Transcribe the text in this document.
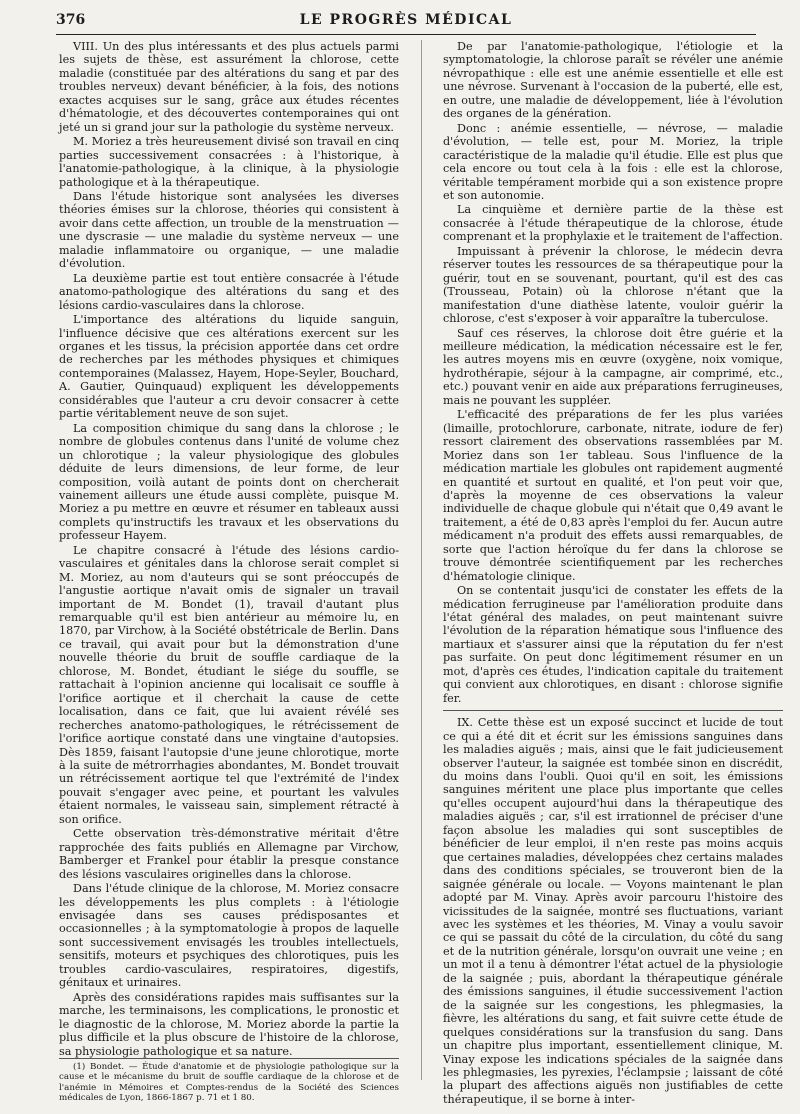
376	LE PROGRÈS MÉDICAL

VIII. Un des plus intéressants et des plus actuels parmi les sujets de thèse, est assurément la chlorose, cette maladie (constituée par des altérations du sang et par des troubles nerveux) devant bénéficier, à la fois, des notions exactes acquises sur le sang, grâce aux études récentes d'hématologie, et des découvertes contemporaines qui ont jeté un si grand jour sur la pathologie du système nerveux.

M. Moriez a très heureusement divisé son travail en cinq parties successivement consacrées : à l'historique, à l'anatomie-pathologique, à la clinique, à la physiologie pathologique et à la thérapeutique.

Dans l'étude historique sont analysées les diverses théories émises sur la chlorose, théories qui consistent à avoir dans cette affection, un trouble de la menstruation — une dyscrasie — une maladie du système nerveux — une maladie inflammatoire ou organique, — une maladie d'évolution.

La deuxième partie est tout entière consacrée à l'étude anatomo-pathologique des altérations du sang et des lésions cardio-vasculaires dans la chlorose.

L'importance des altérations du liquide sanguin, l'influence décisive que ces altérations exercent sur les organes et les tissus, la précision apportée dans cet ordre de recherches par les méthodes physiques et chimiques contemporaines (Malassez, Hayem, Hope-Seyler, Bouchard, A. Gautier, Quinquaud) expliquent les développements considérables que l'auteur a cru devoir consacrer à cette partie véritablement neuve de son sujet.

La composition chimique du sang dans la chlorose ; le nombre de globules contenus dans l'unité de volume chez un chlorotique ; la valeur physiologique des globules déduite de leurs dimensions, de leur forme, de leur composition, voilà autant de points dont on chercherait vainement ailleurs une étude aussi complète, puisque M. Moriez a pu mettre en œuvre et résumer en tableaux aussi complets qu'instructifs les travaux et les observations du professeur Hayem.

Le chapitre consacré à l'étude des lésions cardio-vasculaires et génitales dans la chlorose serait complet si M. Moriez, au nom d'auteurs qui se sont préoccupés de l'angustie aortique n'avait omis de signaler un travail important de M. Bondet (1), travail d'autant plus remarquable qu'il est bien antérieur au mémoire lu, en 1870, par Virchow, à la Société obstétricale de Berlin. Dans ce travail, qui avait pour but la démonstration d'une nouvelle théorie du bruit de souffle cardiaque de la chlorose, M. Bondet, étudiant le siége du souffle, se rattachait à l'opinion ancienne qui localisait ce souffle à l'orifice aortique et il cherchait la cause de cette localisation, dans ce fait, que lui avaient révélé ses recherches anatomo-pathologiques, le rétrécissement de l'orifice aortique constaté dans une vingtaine d'autopsies. Dès 1859, faisant l'autopsie d'une jeune chlorotique, morte à la suite de métrorrhagies abondantes, M. Bondet trouvait un rétrécissement aortique tel que l'extrémité de l'index pouvait s'engager avec peine, et pourtant les valvules étaient normales, le vaisseau sain, simplement rétracté à son orifice.

Cette observation très-démonstrative méritait d'être rapprochée des faits publiés en Allemagne par Virchow, Bamberger et Frankel pour établir la presque constance des lésions vasculaires originelles dans la chlorose.

Dans l'étude clinique de la chlorose, M. Moriez consacre les développements les plus complets : à l'étiologie envisagée dans ses causes prédisposantes et occasionnelles ; à la symptomatologie à propos de laquelle sont successivement envisagés les troubles intellectuels, sensitifs, moteurs et psychiques des chlorotiques, puis les troubles cardio-vasculaires, respiratoires, digestifs, génitaux et urinaires.

Après des considérations rapides mais suffisantes sur la marche, les terminaisons, les complications, le pronostic et le diagnostic de la chlorose, M. Moriez aborde la partie la plus difficile et la plus obscure de l'histoire de la chlorose, sa physiologie pathologique et sa nature.

(1) Bondet. — Étude d'anatomie et de physiologie pathologique sur la cause et le mécanisme du bruit de souffle cardiaque de la chlorose et de l'anémie in Mémoires et Comptes-rendus de la Société des Sciences médicales de Lyon, 1866-1867 p. 71 et 1 80.

De par l'anatomie-pathologique, l'étiologie et la symptomatologie, la chlorose paraît se révéler une anémie névropathique : elle est une anémie essentielle et elle est une névrose. Survenant à l'occasion de la puberté, elle est, en outre, une maladie de développement, liée à l'évolution des organes de la génération.

Donc : anémie essentielle, — névrose, — maladie d'évolution, — telle est, pour M. Moriez, la triple caractéristique de la maladie qu'il étudie. Elle est plus que cela encore ou tout cela à la fois : elle est la chlorose, véritable tempérament morbide qui a son existence propre et son autonomie.

La cinquième et dernière partie de la thèse est consacrée à l'étude thérapeutique de la chlorose, étude comprenant et la prophylaxie et le traitement de l'affection.

Impuissant à prévenir la chlorose, le médecin devra réserver toutes les ressources de sa thérapeutique pour la guérir, tout en se souvenant, pourtant, qu'il est des cas (Trousseau, Potain) où la chlorose n'étant que la manifestation d'une diathèse latente, vouloir guérir la chlorose, c'est s'exposer à voir apparaître la tuberculose.

Sauf ces réserves, la chlorose doit être guérie et la meilleure médication, la médication nécessaire est le fer, les autres moyens mis en œuvre (oxygène, noix vomique, hydrothérapie, séjour à la campagne, air comprimé, etc., etc.) pouvant venir en aide aux préparations ferrugineuses, mais ne pouvant les suppléer.

L'efficacité des préparations de fer les plus variées (limaille, protochlorure, carbonate, nitrate, iodure de fer) ressort clairement des observations rassemblées par M. Moriez dans son 1er tableau. Sous l'influence de la médication martiale les globules ont rapidement augmenté en quantité et surtout en qualité, et l'on peut voir que, d'après la moyenne de ces observations la valeur individuelle de chaque globule qui n'était que 0,49 avant le traitement, a été de 0,83 après l'emploi du fer. Aucun autre médicament n'a produit des effets aussi remarquables, de sorte que l'action héroïque du fer dans la chlorose se trouve démontrée scientifiquement par les recherches d'hématologie clinique.

On se contentait jusqu'ici de constater les effets de la médication ferrugineuse par l'amélioration produite dans l'état général des malades, on peut maintenant suivre l'évolution de la réparation hématique sous l'influence des martiaux et s'assurer ainsi que la réputation du fer n'est pas surfaite. On peut donc légitimement résumer en un mot, d'après ces études, l'indication capitale du traitement qui convient aux chlorotiques, en disant : chlorose signifie fer.

IX. Cette thèse est un exposé succinct et lucide de tout ce qui a été dit et écrit sur les émissions sanguines dans les maladies aiguës ; mais, ainsi que le fait judicieusement observer l'auteur, la saignée est tombée sinon en discrédit, du moins dans l'oubli. Quoi qu'il en soit, les émissions sanguines méritent une place plus importante que celles qu'elles occupent aujourd'hui dans la thérapeutique des maladies aiguës ; car, s'il est irrationnel de préciser d'une façon absolue les maladies qui sont susceptibles de bénéficier de leur emploi, il n'en reste pas moins acquis que certaines maladies, développées chez certains malades dans des conditions spéciales, se trouveront bien de la saignée générale ou locale. — Voyons maintenant le plan adopté par M. Vinay. Après avoir parcouru l'histoire des vicissitudes de la saignée, montré ses fluctuations, variant avec les systèmes et les théories, M. Vinay a voulu savoir ce qui se passait du côté de la circulation, du côté du sang et de la nutrition générale, lorsqu'on ouvrait une veine ; en un mot il a tenu à démontrer l'état actuel de la physiologie de la saignée ; puis, abordant la thérapeutique générale des émissions sanguines, il étudie successivement l'action de la saignée sur les congestions, les phlegmasies, la fièvre, les altérations du sang, et fait suivre cette étude de quelques considérations sur la transfusion du sang. Dans un chapitre plus important, essentiellement clinique, M. Vinay expose les indications spéciales de la saignée dans les phlegmasies, les pyrexies, l'éclampsie ; laissant de côté la plupart des affections aiguës non justifiables de cette thérapeutique, il se borne à inter-
